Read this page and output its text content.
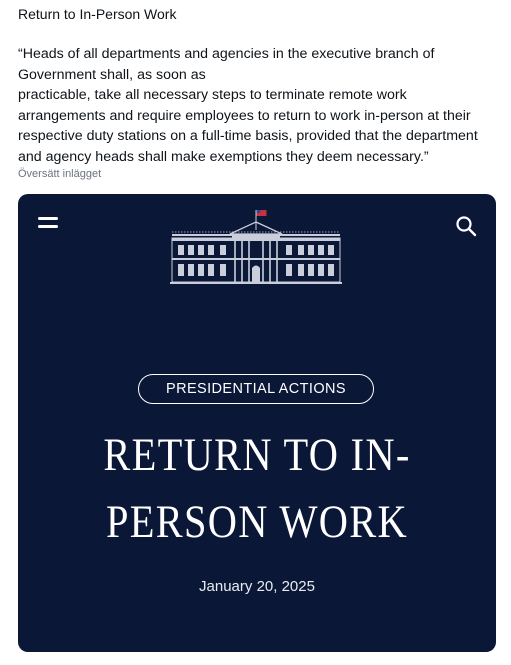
Return to In-Person Work
“Heads of all departments and agencies in the executive branch of
Government shall, as soon as
practicable, take all necessary steps to terminate remote work
arrangements and require employees to return to work in-person at their
respective duty stations on a full-time basis, provided that the department
and agency heads shall make exemptions they deem necessary.”
Översätt inlägget
PRESIDENTIAL ACTIONS
RETURN TO IN-
PERSON WORK
January 20, 2025
